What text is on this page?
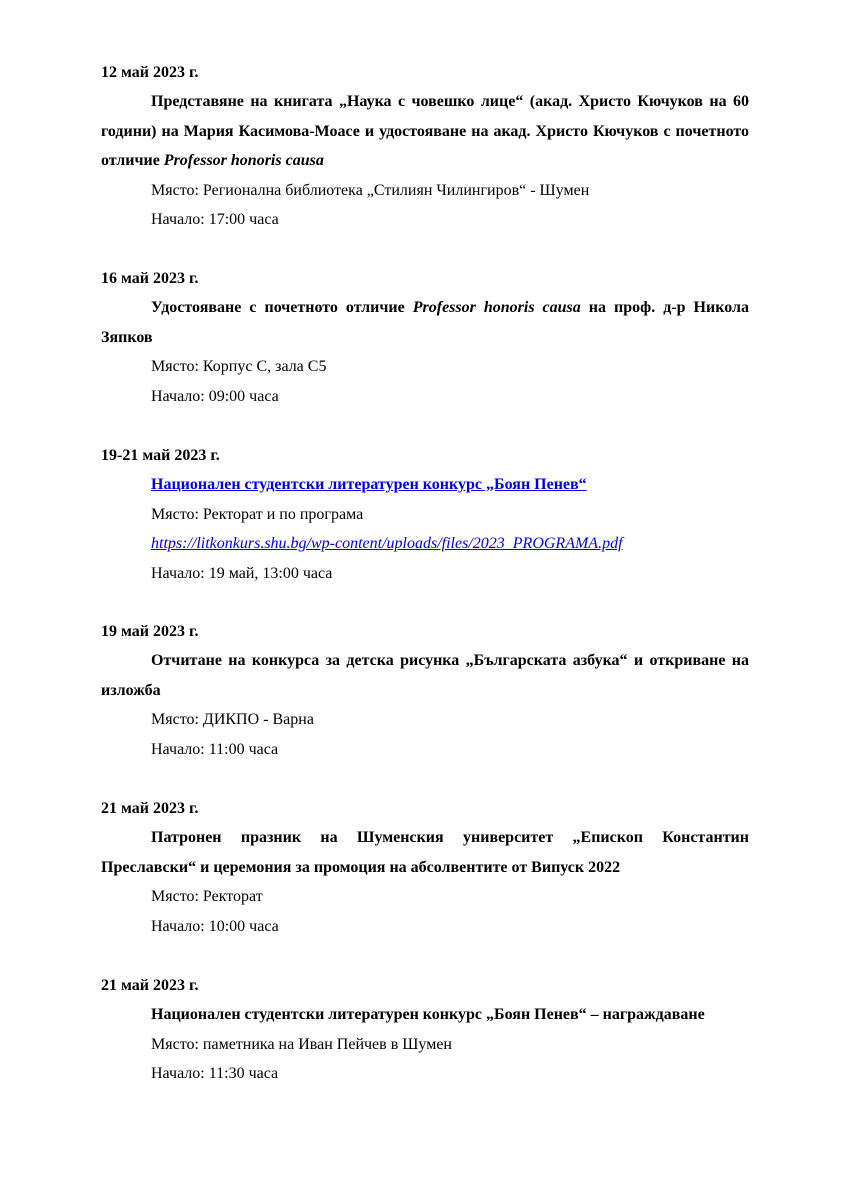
12 май 2023 г.
Представяне на книгата „Наука с човешко лице“ (акад. Христо Кючуков на 60 години) на Мария Касимова-Моасе и удостояване на акад. Христо Кючуков с почетното отличие Professor honoris causa
Място: Регионална библиотека „Стилиян Чилингиров“ - Шумен
Начало: 17:00 часа
16 май 2023 г.
Удостояване с почетното отличие Professor honoris causa на проф. д-р Никола Зяпков
Място: Корпус С, зала С5
Начало: 09:00 часа
19-21 май 2023 г.
Национален студентски литературен конкурс „Боян Пенев“
Място: Ректорат и по програма
https://litkonkurs.shu.bg/wp-content/uploads/files/2023_PROGRAMA.pdf
Начало: 19 май, 13:00 часа
19 май 2023 г.
Отчитане на конкурса за детска рисунка „Българската азбука“ и откриване на изложба
Място: ДИКПО - Варна
Начало: 11:00 часа
21 май 2023 г.
Патронен празник на Шуменския университет „Епископ Константин Преславски“ и церемония за промоция на абсолвентите от Випуск 2022
Място: Ректорат
Начало: 10:00 часа
21 май 2023 г.
Национален студентски литературен конкурс „Боян Пенев“ – награждаване
Място: паметника на Иван Пейчев в Шумен
Начало: 11:30 часа
